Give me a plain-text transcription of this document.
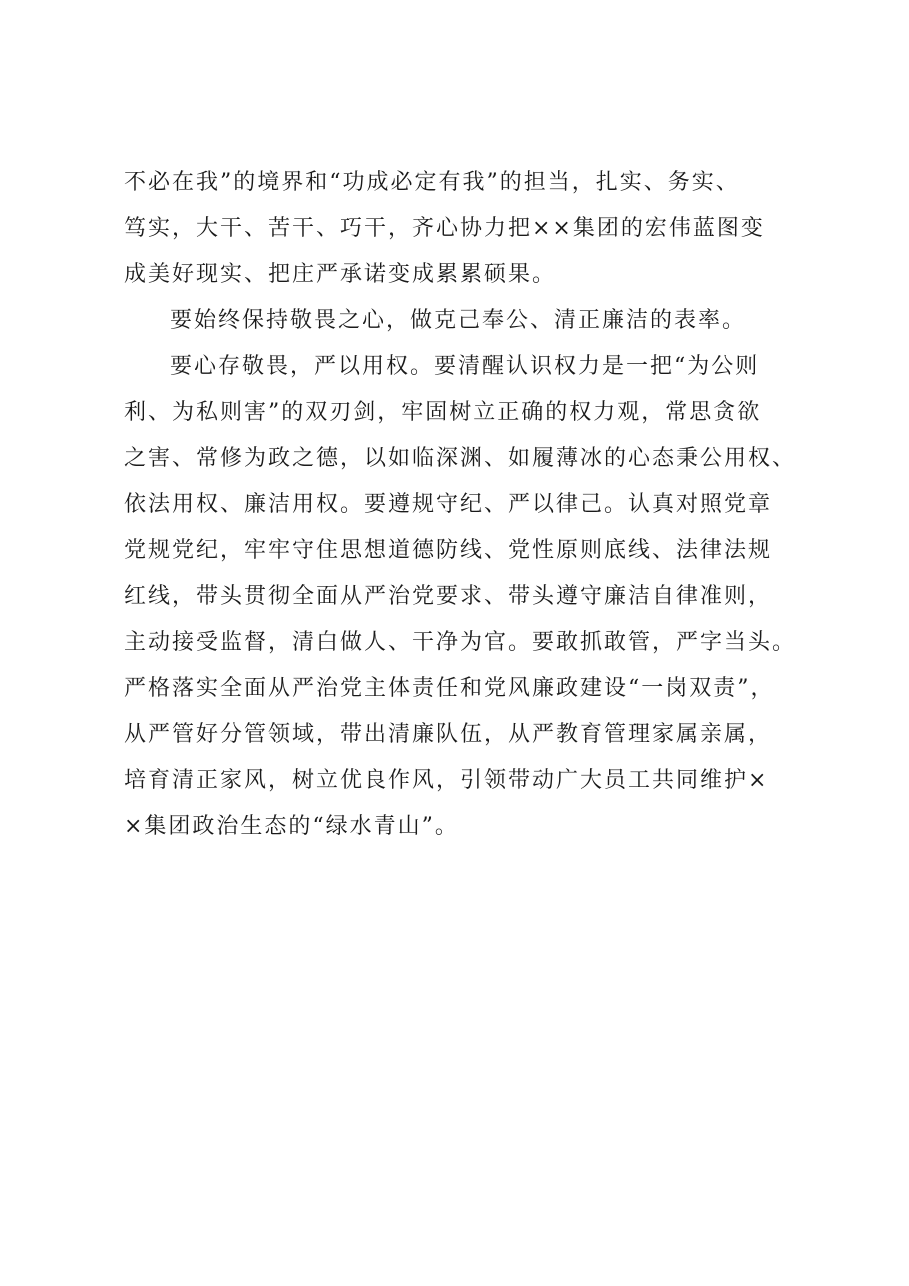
不必在我”的境界和“功成必定有我”的担当，扎实、务实、
笃实，大干、苦干、巧干，齐心协力把××集团的宏伟蓝图变
成美好现实、把庄严承诺变成累累硕果。
要始终保持敬畏之心，做克己奉公、清正廉洁的表率。
要心存敬畏，严以用权。要清醒认识权力是一把“为公则
利、为私则害”的双刃剑，牢固树立正确的权力观，常思贪欲
之害、常修为政之德，以如临深渊、如履薄冰的心态秉公用权、
依法用权、廉洁用权。要遵规守纪、严以律己。认真对照党章
党规党纪，牢牢守住思想道德防线、党性原则底线、法律法规
红线，带头贯彻全面从严治党要求、带头遵守廉洁自律准则，
主动接受监督，清白做人、干净为官。要敢抓敢管，严字当头。
严格落实全面从严治党主体责任和党风廉政建设“一岗双责”，
从严管好分管领域，带出清廉队伍，从严教育管理家属亲属，
培育清正家风，树立优良作风，引领带动广大员工共同维护×
×集团政治生态的“绿水青山”。
